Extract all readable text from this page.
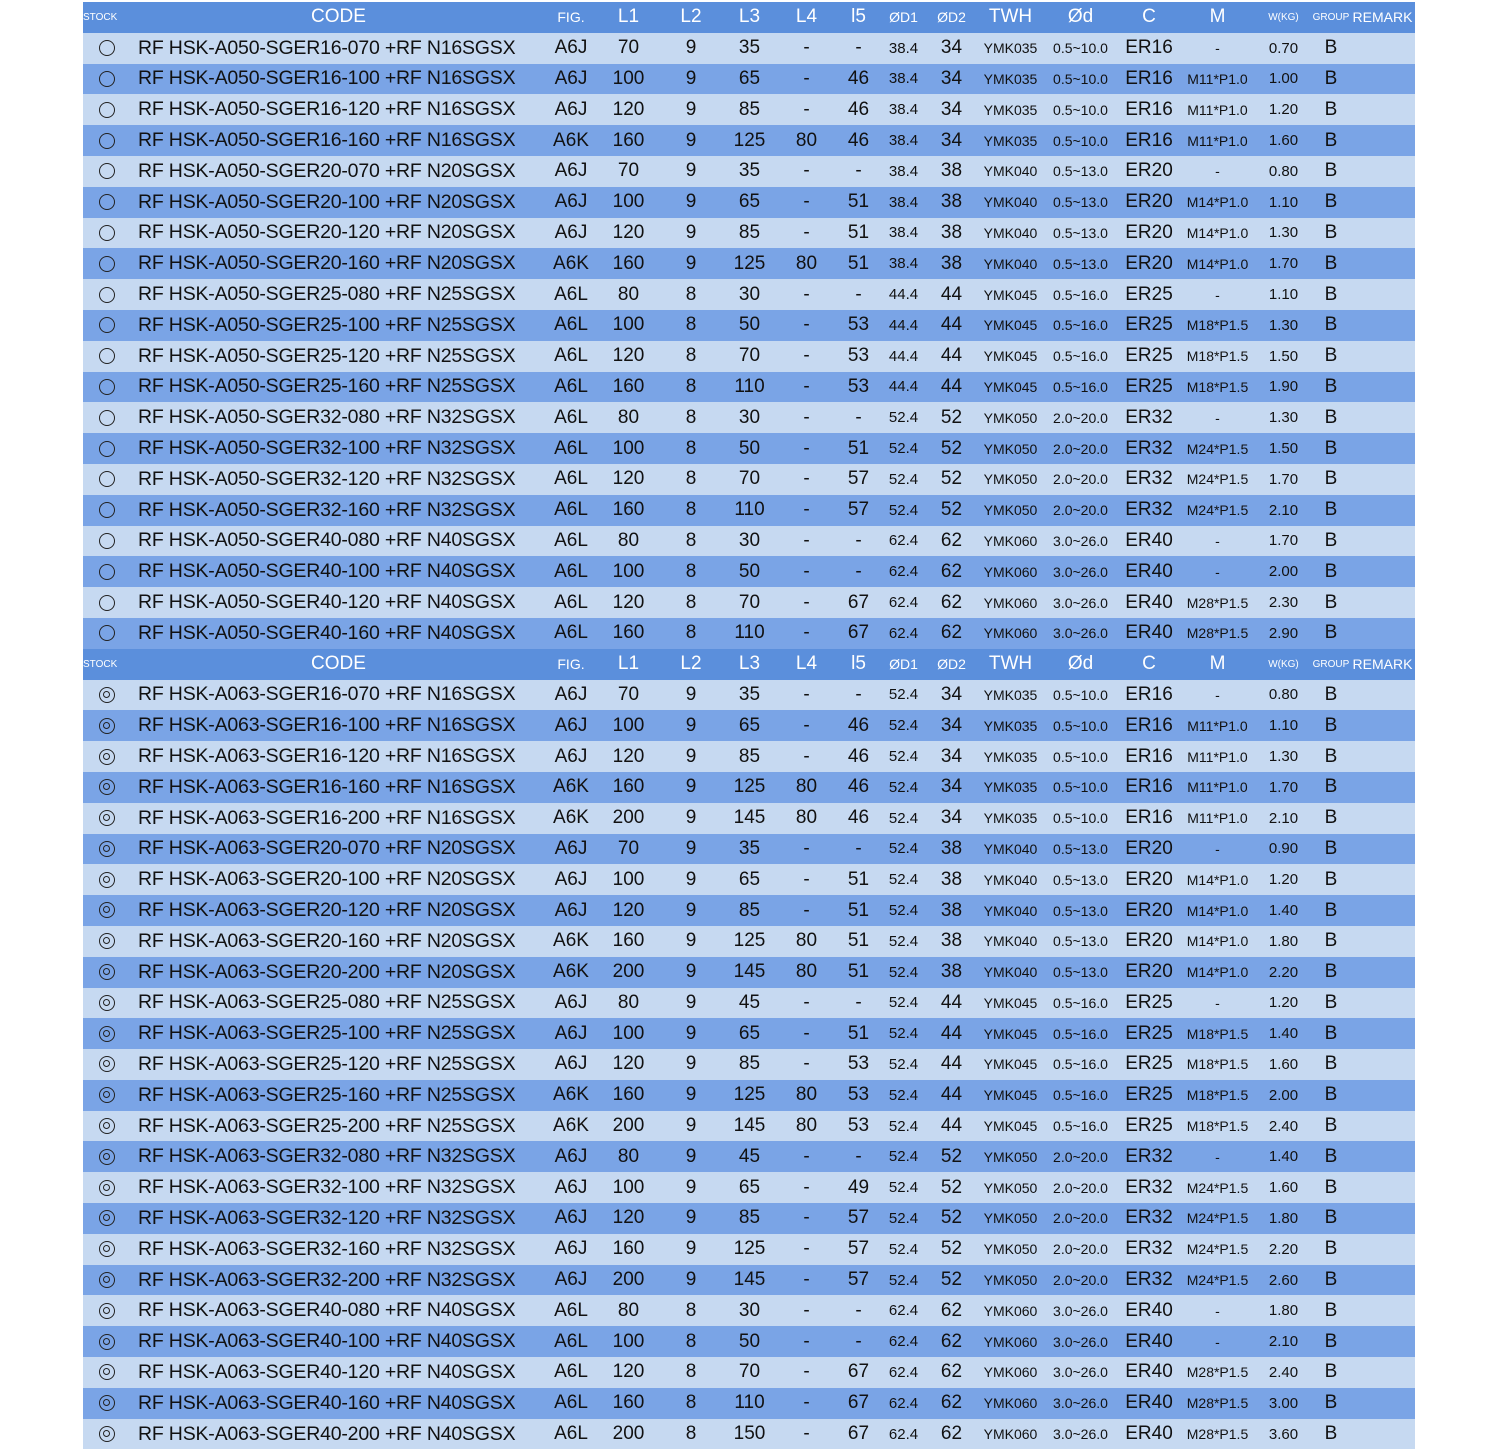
STOCK	CODE	FIG.	L1	L2	L3	L4	l5	ØD1	ØD2	TWH	Ød	C	M	W(KG)	GROUP	REMARK
	RF HSK-A050-SGER16-070 +RF N16SGSX	A6J	70	9	35	-	-	38.4	34	YMK035	0.5~10.0	ER16	-	0.70	B	
	RF HSK-A050-SGER16-100 +RF N16SGSX	A6J	100	9	65	-	46	38.4	34	YMK035	0.5~10.0	ER16	M11*P1.0	1.00	B	
	RF HSK-A050-SGER16-120 +RF N16SGSX	A6J	120	9	85	-	46	38.4	34	YMK035	0.5~10.0	ER16	M11*P1.0	1.20	B	
	RF HSK-A050-SGER16-160 +RF N16SGSX	A6K	160	9	125	80	46	38.4	34	YMK035	0.5~10.0	ER16	M11*P1.0	1.60	B	
	RF HSK-A050-SGER20-070 +RF N20SGSX	A6J	70	9	35	-	-	38.4	38	YMK040	0.5~13.0	ER20	-	0.80	B	
	RF HSK-A050-SGER20-100 +RF N20SGSX	A6J	100	9	65	-	51	38.4	38	YMK040	0.5~13.0	ER20	M14*P1.0	1.10	B	
	RF HSK-A050-SGER20-120 +RF N20SGSX	A6J	120	9	85	-	51	38.4	38	YMK040	0.5~13.0	ER20	M14*P1.0	1.30	B	
	RF HSK-A050-SGER20-160 +RF N20SGSX	A6K	160	9	125	80	51	38.4	38	YMK040	0.5~13.0	ER20	M14*P1.0	1.70	B	
	RF HSK-A050-SGER25-080 +RF N25SGSX	A6L	80	8	30	-	-	44.4	44	YMK045	0.5~16.0	ER25	-	1.10	B	
	RF HSK-A050-SGER25-100 +RF N25SGSX	A6L	100	8	50	-	53	44.4	44	YMK045	0.5~16.0	ER25	M18*P1.5	1.30	B	
	RF HSK-A050-SGER25-120 +RF N25SGSX	A6L	120	8	70	-	53	44.4	44	YMK045	0.5~16.0	ER25	M18*P1.5	1.50	B	
	RF HSK-A050-SGER25-160 +RF N25SGSX	A6L	160	8	110	-	53	44.4	44	YMK045	0.5~16.0	ER25	M18*P1.5	1.90	B	
	RF HSK-A050-SGER32-080 +RF N32SGSX	A6L	80	8	30	-	-	52.4	52	YMK050	2.0~20.0	ER32	-	1.30	B	
	RF HSK-A050-SGER32-100 +RF N32SGSX	A6L	100	8	50	-	51	52.4	52	YMK050	2.0~20.0	ER32	M24*P1.5	1.50	B	
	RF HSK-A050-SGER32-120 +RF N32SGSX	A6L	120	8	70	-	57	52.4	52	YMK050	2.0~20.0	ER32	M24*P1.5	1.70	B	
	RF HSK-A050-SGER32-160 +RF N32SGSX	A6L	160	8	110	-	57	52.4	52	YMK050	2.0~20.0	ER32	M24*P1.5	2.10	B	
	RF HSK-A050-SGER40-080 +RF N40SGSX	A6L	80	8	30	-	-	62.4	62	YMK060	3.0~26.0	ER40	-	1.70	B	
	RF HSK-A050-SGER40-100 +RF N40SGSX	A6L	100	8	50	-	-	62.4	62	YMK060	3.0~26.0	ER40	-	2.00	B	
	RF HSK-A050-SGER40-120 +RF N40SGSX	A6L	120	8	70	-	67	62.4	62	YMK060	3.0~26.0	ER40	M28*P1.5	2.30	B	
	RF HSK-A050-SGER40-160 +RF N40SGSX	A6L	160	8	110	-	67	62.4	62	YMK060	3.0~26.0	ER40	M28*P1.5	2.90	B	
STOCK	CODE	FIG.	L1	L2	L3	L4	l5	ØD1	ØD2	TWH	Ød	C	M	W(KG)	GROUP	REMARK
	RF HSK-A063-SGER16-070 +RF N16SGSX	A6J	70	9	35	-	-	52.4	34	YMK035	0.5~10.0	ER16	-	0.80	B	
	RF HSK-A063-SGER16-100 +RF N16SGSX	A6J	100	9	65	-	46	52.4	34	YMK035	0.5~10.0	ER16	M11*P1.0	1.10	B	
	RF HSK-A063-SGER16-120 +RF N16SGSX	A6J	120	9	85	-	46	52.4	34	YMK035	0.5~10.0	ER16	M11*P1.0	1.30	B	
	RF HSK-A063-SGER16-160 +RF N16SGSX	A6K	160	9	125	80	46	52.4	34	YMK035	0.5~10.0	ER16	M11*P1.0	1.70	B	
	RF HSK-A063-SGER16-200 +RF N16SGSX	A6K	200	9	145	80	46	52.4	34	YMK035	0.5~10.0	ER16	M11*P1.0	2.10	B	
	RF HSK-A063-SGER20-070 +RF N20SGSX	A6J	70	9	35	-	-	52.4	38	YMK040	0.5~13.0	ER20	-	0.90	B	
	RF HSK-A063-SGER20-100 +RF N20SGSX	A6J	100	9	65	-	51	52.4	38	YMK040	0.5~13.0	ER20	M14*P1.0	1.20	B	
	RF HSK-A063-SGER20-120 +RF N20SGSX	A6J	120	9	85	-	51	52.4	38	YMK040	0.5~13.0	ER20	M14*P1.0	1.40	B	
	RF HSK-A063-SGER20-160 +RF N20SGSX	A6K	160	9	125	80	51	52.4	38	YMK040	0.5~13.0	ER20	M14*P1.0	1.80	B	
	RF HSK-A063-SGER20-200 +RF N20SGSX	A6K	200	9	145	80	51	52.4	38	YMK040	0.5~13.0	ER20	M14*P1.0	2.20	B	
	RF HSK-A063-SGER25-080 +RF N25SGSX	A6J	80	9	45	-	-	52.4	44	YMK045	0.5~16.0	ER25	-	1.20	B	
	RF HSK-A063-SGER25-100 +RF N25SGSX	A6J	100	9	65	-	51	52.4	44	YMK045	0.5~16.0	ER25	M18*P1.5	1.40	B	
	RF HSK-A063-SGER25-120 +RF N25SGSX	A6J	120	9	85	-	53	52.4	44	YMK045	0.5~16.0	ER25	M18*P1.5	1.60	B	
	RF HSK-A063-SGER25-160 +RF N25SGSX	A6K	160	9	125	80	53	52.4	44	YMK045	0.5~16.0	ER25	M18*P1.5	2.00	B	
	RF HSK-A063-SGER25-200 +RF N25SGSX	A6K	200	9	145	80	53	52.4	44	YMK045	0.5~16.0	ER25	M18*P1.5	2.40	B	
	RF HSK-A063-SGER32-080 +RF N32SGSX	A6J	80	9	45	-	-	52.4	52	YMK050	2.0~20.0	ER32	-	1.40	B	
	RF HSK-A063-SGER32-100 +RF N32SGSX	A6J	100	9	65	-	49	52.4	52	YMK050	2.0~20.0	ER32	M24*P1.5	1.60	B	
	RF HSK-A063-SGER32-120 +RF N32SGSX	A6J	120	9	85	-	57	52.4	52	YMK050	2.0~20.0	ER32	M24*P1.5	1.80	B	
	RF HSK-A063-SGER32-160 +RF N32SGSX	A6J	160	9	125	-	57	52.4	52	YMK050	2.0~20.0	ER32	M24*P1.5	2.20	B	
	RF HSK-A063-SGER32-200 +RF N32SGSX	A6J	200	9	145	-	57	52.4	52	YMK050	2.0~20.0	ER32	M24*P1.5	2.60	B	
	RF HSK-A063-SGER40-080 +RF N40SGSX	A6L	80	8	30	-	-	62.4	62	YMK060	3.0~26.0	ER40	-	1.80	B	
	RF HSK-A063-SGER40-100 +RF N40SGSX	A6L	100	8	50	-	-	62.4	62	YMK060	3.0~26.0	ER40	-	2.10	B	
	RF HSK-A063-SGER40-120 +RF N40SGSX	A6L	120	8	70	-	67	62.4	62	YMK060	3.0~26.0	ER40	M28*P1.5	2.40	B	
	RF HSK-A063-SGER40-160 +RF N40SGSX	A6L	160	8	110	-	67	62.4	62	YMK060	3.0~26.0	ER40	M28*P1.5	3.00	B	
	RF HSK-A063-SGER40-200 +RF N40SGSX	A6L	200	8	150	-	67	62.4	62	YMK060	3.0~26.0	ER40	M28*P1.5	3.60	B	
